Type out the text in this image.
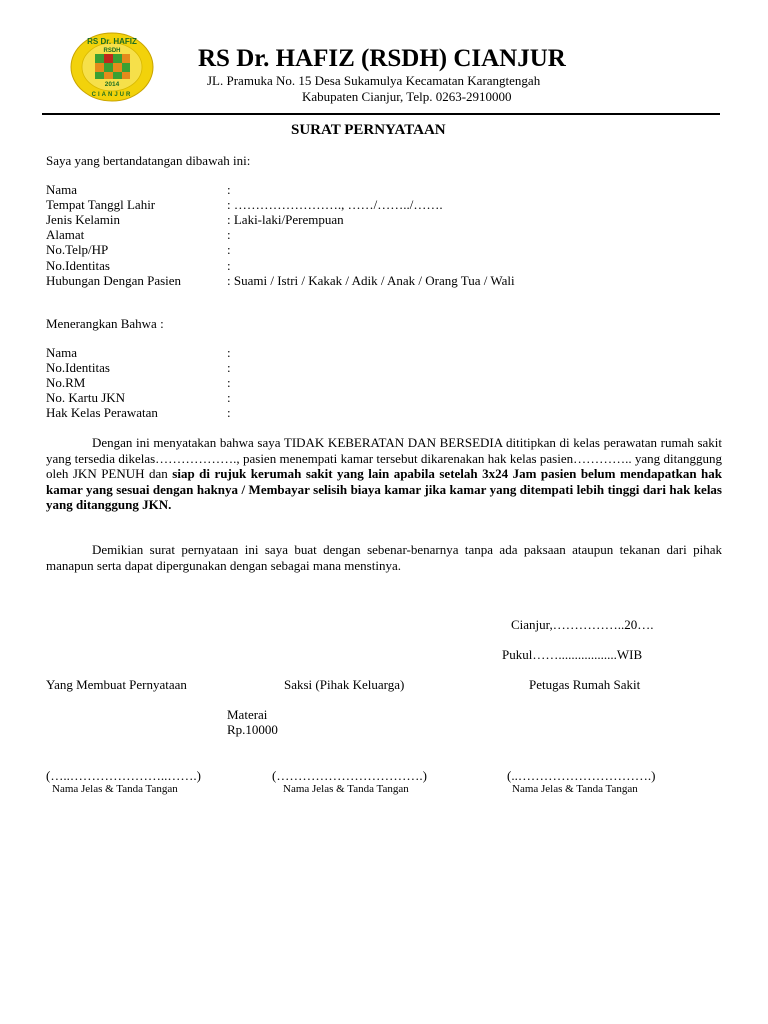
RS Dr. HAFIZ
RSDH
2014
CIANJUR
RS Dr. HAFIZ (RSDH) CIANJUR
JL. Pramuka No. 15 Desa Sukamulya Kecamatan Karangtengah
Kabupaten Cianjur, Telp. 0263-2910000
SURAT PERNYATAAN
Saya yang bertandatangan dibawah ini:
Nama	:
Tempat Tanggl Lahir	: ……………………., ……/……../…….
Jenis Kelamin	: Laki-laki/Perempuan
Alamat	:
No.Telp/HP	:
No.Identitas	:
Hubungan Dengan Pasien	: Suami / Istri / Kakak / Adik / Anak / Orang Tua / Wali
Menerangkan Bahwa :
Nama	:
No.Identitas	:
No.RM	:
No. Kartu JKN	:
Hak Kelas Perawatan	:
Dengan ini menyatakan bahwa saya TIDAK KEBERATAN DAN BERSEDIA dititipkan di kelas perawatan rumah sakit yang tersedia dikelas………………., pasien menempati kamar tersebut dikarenakan hak kelas pasien………….. yang ditanggung oleh JKN PENUH dan siap di rujuk kerumah sakit yang lain apabila setelah 3x24 Jam pasien belum mendapatkan hak kamar yang sesuai dengan haknya / Membayar selisih biaya kamar jika kamar yang ditempati lebih tinggi dari hak kelas yang ditanggung JKN.
Demikian surat pernyataan ini saya buat dengan sebenar-benarnya tanpa ada paksaan ataupun tekanan dari pihak manapun serta dapat dipergunakan dengan sebagai mana menstinya.
Cianjur,……………..20….
Pukul……..................WIB
Yang Membuat Pernyataan	Saksi (Pihak Keluarga)	Petugas Rumah Sakit
Materai
Rp.10000
(…..…………………..…….)	(…………………………….)	(..………………………….)
Nama Jelas & Tanda Tangan	Nama Jelas & Tanda Tangan	Nama Jelas & Tanda Tangan
